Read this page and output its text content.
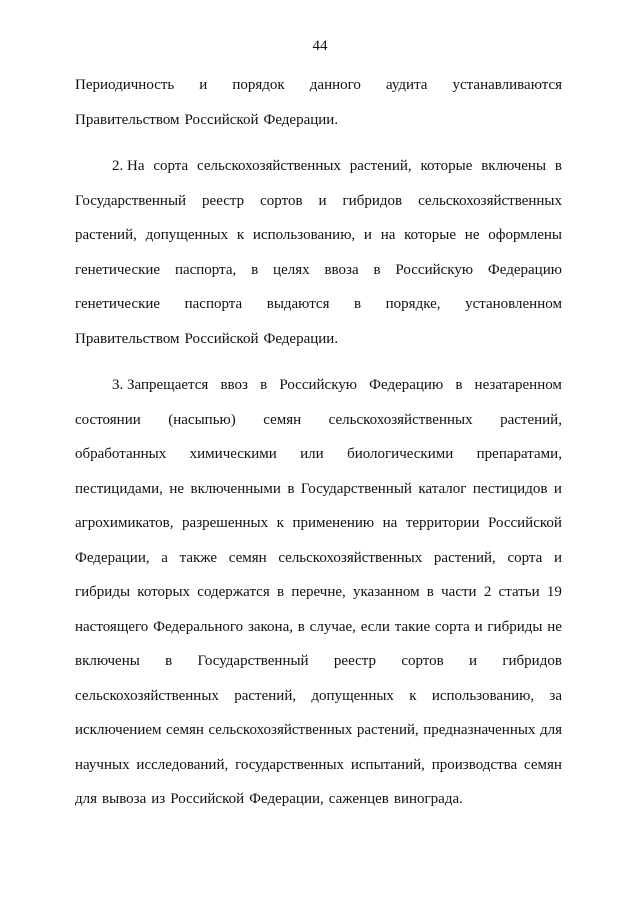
44
Периодичность и порядок данного аудита устанавливаются
Правительством Российской Федерации.
2. На сорта сельскохозяйственных растений, которые включены в
Государственный реестр сортов и гибридов сельскохозяйственных
растений, допущенных к использованию, и на которые не оформлены
генетические паспорта, в целях ввоза в Российскую Федерацию
генетические паспорта выдаются в порядке, установленном
Правительством Российской Федерации.
3. Запрещается ввоз в Российскую Федерацию в незатаренном
состоянии (насыпью) семян сельскохозяйственных растений,
обработанных химическими или биологическими препаратами,
пестицидами, не включенными в Государственный каталог пестицидов и
агрохимикатов, разрешенных к применению на территории Российской
Федерации, а также семян сельскохозяйственных растений, сорта и
гибриды которых содержатся в перечне, указанном в части 2 статьи 19
настоящего Федерального закона, в случае, если такие сорта и гибриды не
включены в Государственный реестр сортов и гибридов
сельскохозяйственных растений, допущенных к использованию, за
исключением семян сельскохозяйственных растений, предназначенных для
научных исследований, государственных испытаний, производства семян
для вывоза из Российской Федерации, саженцев винограда.
